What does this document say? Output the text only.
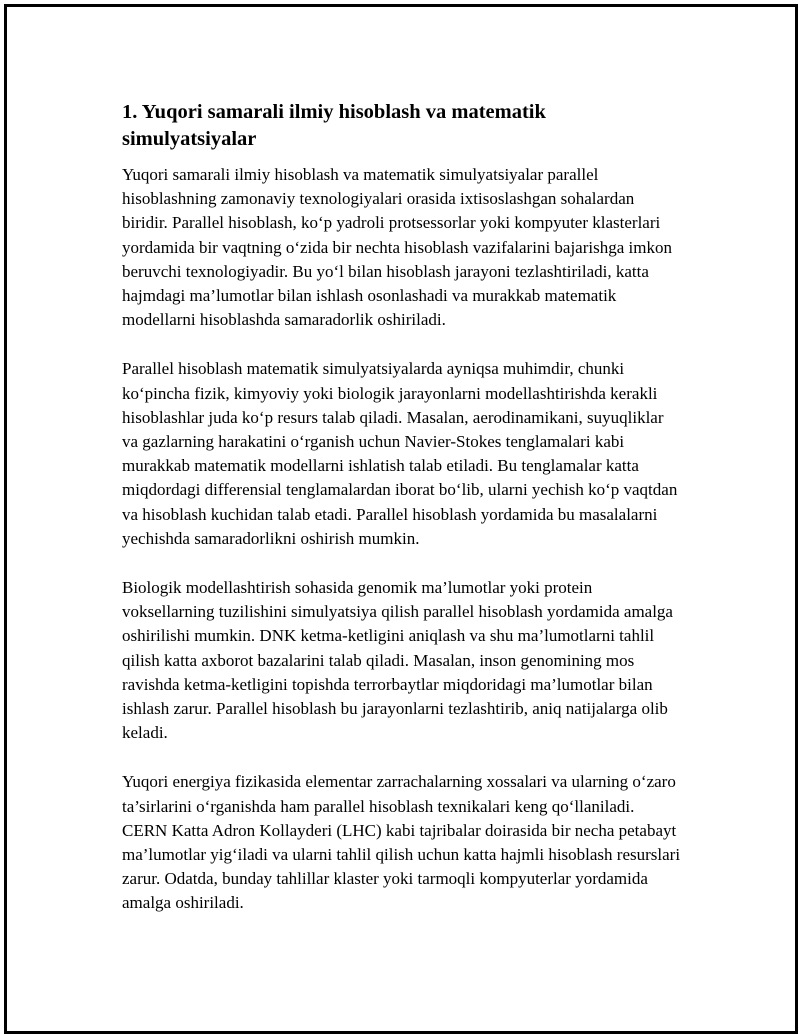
1. Yuqori samarali ilmiy hisoblash va matematik simulyatsiyalar

Yuqori samarali ilmiy hisoblash va matematik simulyatsiyalar parallel hisoblashning zamonaviy texnologiyalari orasida ixtisoslashgan sohalardan biridir. Parallel hisoblash, ko‘p yadroli protsessorlar yoki kompyuter klasterlari yordamida bir vaqtning o‘zida bir nechta hisoblash vazifalarini bajarishga imkon beruvchi texnologiyadir. Bu yo‘l bilan hisoblash jarayoni tezlashtiriladi, katta hajmdagi ma’lumotlar bilan ishlash osonlashadi va murakkab matematik modellarni hisoblashda samaradorlik oshiriladi.

Parallel hisoblash matematik simulyatsiyalarda ayniqsa muhimdir, chunki ko‘pincha fizik, kimyoviy yoki biologik jarayonlarni modellashtirishda kerakli hisoblashlar juda ko‘p resurs talab qiladi. Masalan, aerodinamikani, suyuqliklar va gazlarning harakatini o‘rganish uchun Navier-Stokes tenglamalari kabi murakkab matematik modellarni ishlatish talab etiladi. Bu tenglamalar katta miqdordagi differensial tenglamalardan iborat bo‘lib, ularni yechish ko‘p vaqtdan va hisoblash kuchidan talab etadi. Parallel hisoblash yordamida bu masalalarni yechishda samaradorlikni oshirish mumkin.

Biologik modellashtirish sohasida genomik ma’lumotlar yoki protein voksellarning tuzilishini simulyatsiya qilish parallel hisoblash yordamida amalga oshirilishi mumkin. DNK ketma-ketligini aniqlash va shu ma’lumotlarni tahlil qilish katta axborot bazalarini talab qiladi. Masalan, inson genomining mos ravishda ketma-ketligini topishda terrorbaytlar miqdoridagi ma’lumotlar bilan ishlash zarur. Parallel hisoblash bu jarayonlarni tezlashtirib, aniq natijalarga olib keladi.

Yuqori energiya fizikasida elementar zarrachalarning xossalari va ularning o‘zaro ta’sirlarini o‘rganishda ham parallel hisoblash texnikalari keng qo‘llaniladi. CERN Katta Adron Kollayderi (LHC) kabi tajribalar doirasida bir necha petabayt ma’lumotlar yig‘iladi va ularni tahlil qilish uchun katta hajmli hisoblash resurslari zarur. Odatda, bunday tahlillar klaster yoki tarmoqli kompyuterlar yordamida amalga oshiriladi.
